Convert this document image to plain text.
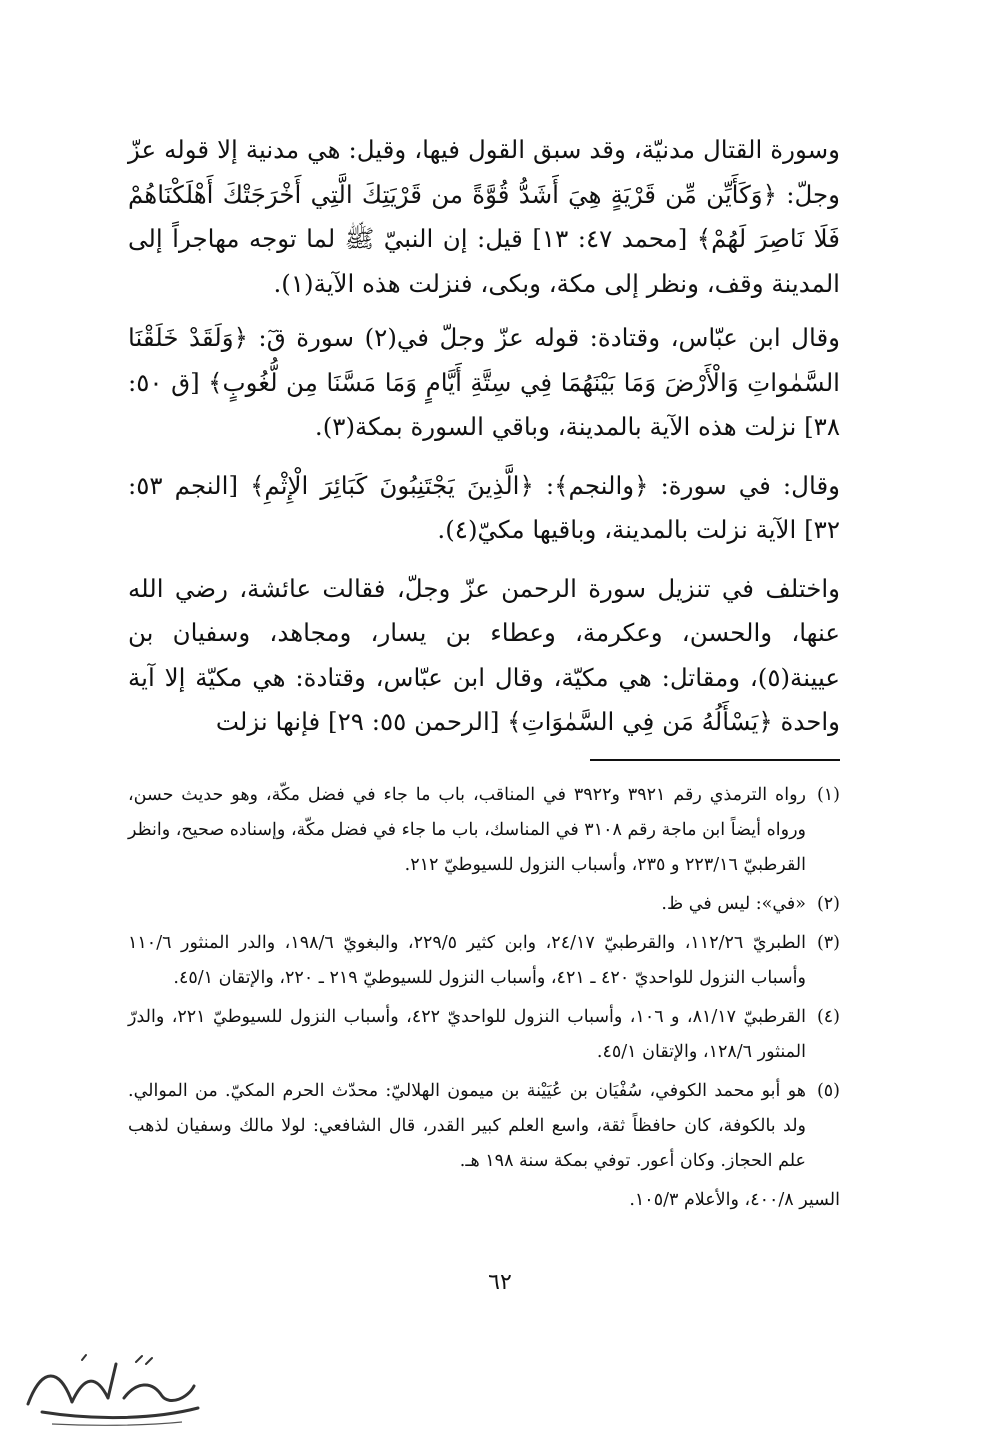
وسورة القتال مدنيّة، وقد سبق القول فيها، وقيل: هي مدنية إلا قوله عزّ وجلّ: ﴿وَكَأَيِّن مِّن قَرْيَةٍ هِيَ أَشَدُّ قُوَّةً من قَرْيَتِكَ الَّتِي أَخْرَجَتْكَ أَهْلَكْنَاهُمْ فَلَا نَاصِرَ لَهُمْ﴾ [محمد ٤٧: ١٣] قيل: إن النبيّ ﷺ لما توجه مهاجراً إلى المدينة وقف، ونظر إلى مكة، وبكى، فنزلت هذه الآية(١).

وقال ابن عبّاس، وقتادة: قوله عزّ وجلّ في(٢) سورة قٓ: ﴿وَلَقَدْ خَلَقْنَا السَّمٰواتِ وَالْأَرْضَ وَمَا بَيْنَهُمَا فِي سِتَّةِ أَيَّامٍ وَمَا مَسَّنَا مِن لُّغُوبٍ﴾ [ق ٥٠: ٣٨] نزلت هذه الآية بالمدينة، وباقي السورة بمكة(٣).

وقال: في سورة: ﴿والنجم﴾: ﴿الَّذِينَ يَجْتَنِبُونَ كَبَائِرَ الْإِثْمِ﴾ [النجم ٥٣: ٣٢] الآية نزلت بالمدينة، وباقيها مكيّ(٤).

واختلف في تنزيل سورة الرحمن عزّ وجلّ، فقالت عائشة، رضي الله عنها، والحسن، وعكرمة، وعطاء بن يسار، ومجاهد، وسفيان بن عيينة(٥)، ومقاتل: هي مكيّة، وقال ابن عبّاس، وقتادة: هي مكيّة إلا آية واحدة ﴿يَسْأَلُهُ مَن فِي السَّمٰوَاتِ﴾ [الرحمن ٥٥: ٢٩] فإنها نزلت

(١)
رواه الترمذي رقم ٣٩٢١ و٣٩٢٢ في المناقب، باب ما جاء في فضل مكّة، وهو حديث حسن، ورواه أيضاً ابن ماجة رقم ٣١٠٨ في المناسك، باب ما جاء في فضل مكّة، وإسناده صحيح، وانظر القرطبيّ ٢٢٣/١٦ و ٢٣٥، وأسباب النزول للسيوطيّ ٢١٢.

(٢)
«في»: ليس في ظ.

(٣)
الطبريّ ١١٢/٢٦، والقرطبيّ ٢٤/١٧، وابن كثير ٢٢٩/٥، والبغويّ ١٩٨/٦، والدر المنثور ١١٠/٦ وأسباب النزول للواحديّ ٤٢٠ ـ ٤٢١، وأسباب النزول للسيوطيّ ٢١٩ ـ ٢٢٠، والإتقان ٤٥/١.

(٤)
القرطبيّ ٨١/١٧، و ١٠٦، وأسباب النزول للواحديّ ٤٢٢، وأسباب النزول للسيوطيّ ٢٢١، والدرّ المنثور ١٢٨/٦، والإتقان ٤٥/١.

(٥)
هو أبو محمد الكوفي، سُفْيَان بن عُيَيْنة بن ميمون الهلاليّ: محدّث الحرم المكيّ. من الموالي. ولد بالكوفة، كان حافظاً ثقة، واسع العلم كبير القدر، قال الشافعي: لولا مالك وسفيان لذهب علم الحجاز. وكان أعور. توفي بمكة سنة ١٩٨ هـ.

السير ٤٠٠/٨، والأعلام ١٠٥/٣.

٦٢
